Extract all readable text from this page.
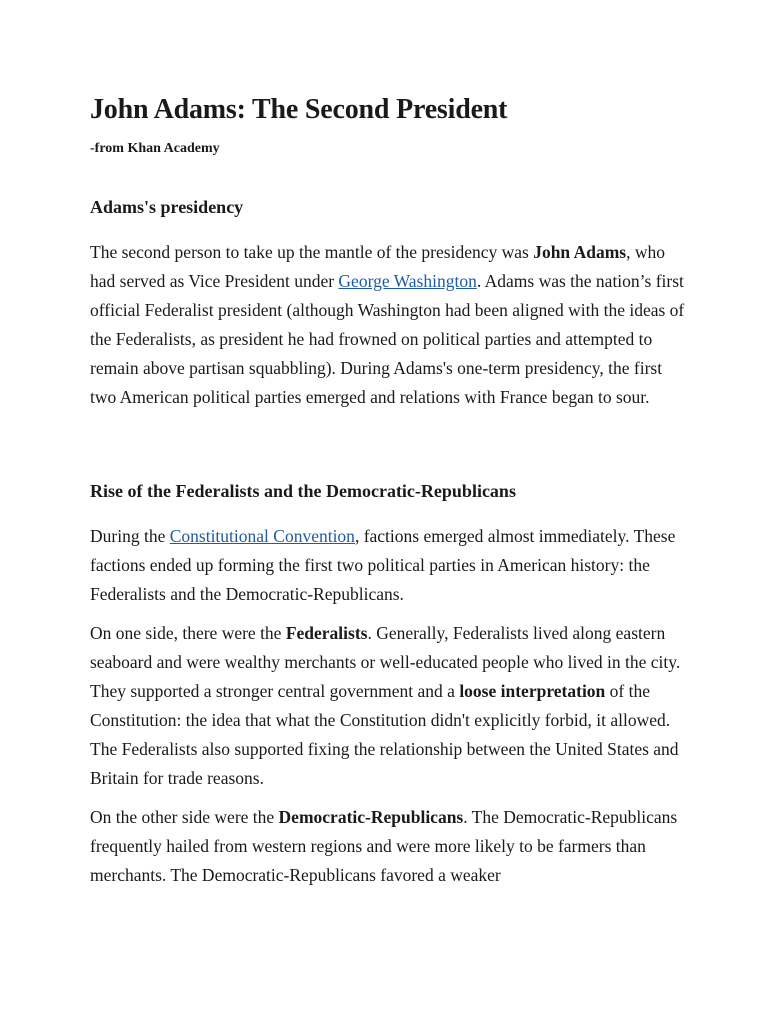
John Adams: The Second President

-from Khan Academy

Adams's presidency

The second person to take up the mantle of the presidency was John Adams, who had served as Vice President under George Washington. Adams was the nation’s first official Federalist president (although Washington had been aligned with the ideas of the Federalists, as president he had frowned on political parties and attempted to remain above partisan squabbling). During Adams's one-term presidency, the first two American political parties emerged and relations with France began to sour.

Rise of the Federalists and the Democratic-Republicans

During the Constitutional Convention, factions emerged almost immediately. These factions ended up forming the first two political parties in American history: the Federalists and the Democratic-Republicans.

On one side, there were the Federalists. Generally, Federalists lived along eastern seaboard and were wealthy merchants or well-educated people who lived in the city. They supported a stronger central government and a loose interpretation of the Constitution: the idea that what the Constitution didn't explicitly forbid, it allowed. The Federalists also supported fixing the relationship between the United States and Britain for trade reasons.

On the other side were the Democratic-Republicans. The Democratic-Republicans frequently hailed from western regions and were more likely to be farmers than merchants. The Democratic-Republicans favored a weaker
